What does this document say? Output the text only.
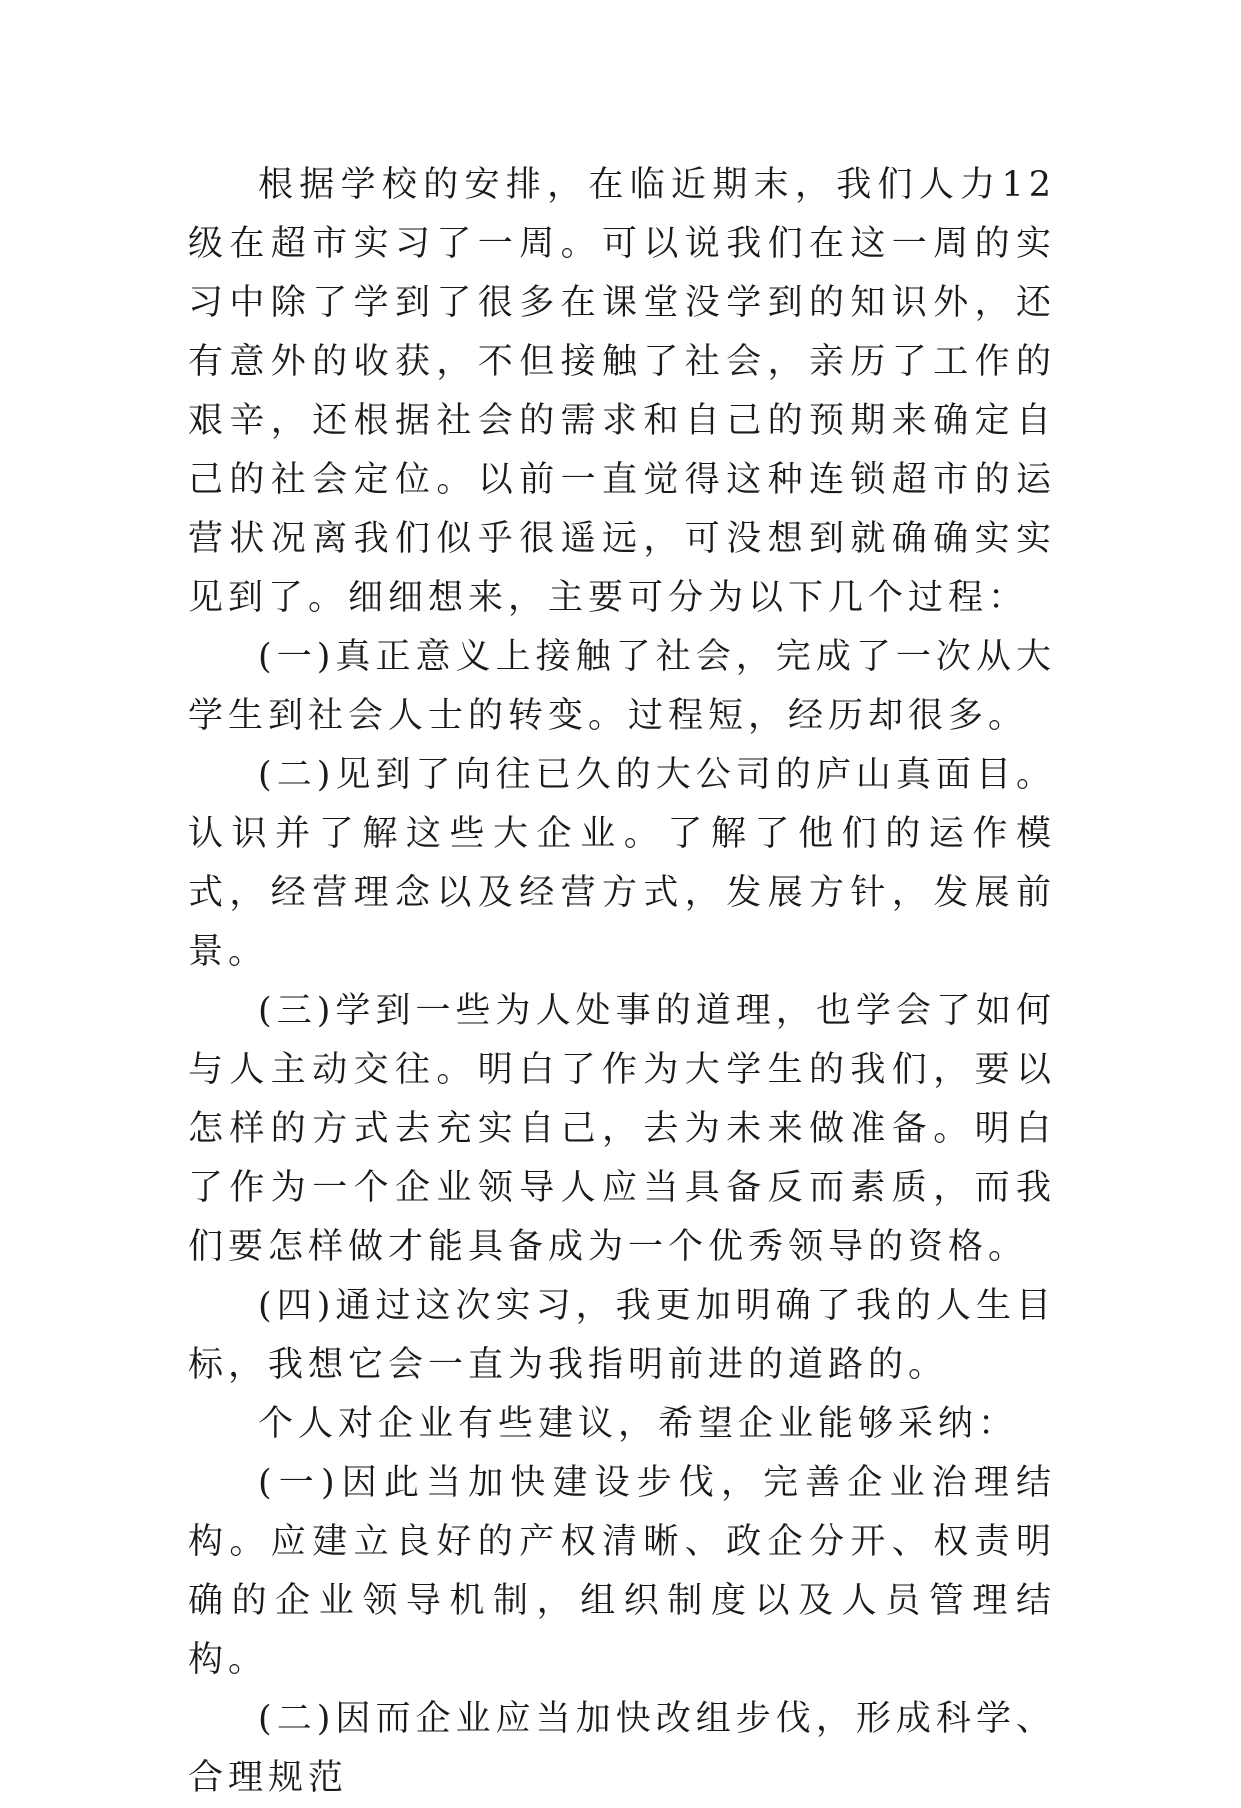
根据学校的安排，在临近期末，我们人力12级在超市实习了一周。可以说我们在这一周的实习中除了学到了很多在课堂没学到的知识外，还有意外的收获，不但接触了社会，亲历了工作的艰辛，还根据社会的需求和自己的预期来确定自己的社会定位。以前一直觉得这种连锁超市的运营状况离我们似乎很遥远，可没想到就确确实实见到了。细细想来，主要可分为以下几个过程：

(一)真正意义上接触了社会，完成了一次从大学生到社会人士的转变。过程短，经历却很多。

(二)见到了向往已久的大公司的庐山真面目。认识并了解这些大企业。了解了他们的运作模式，经营理念以及经营方式，发展方针，发展前景。

(三)学到一些为人处事的道理，也学会了如何与人主动交往。明白了作为大学生的我们，要以怎样的方式去充实自己，去为未来做准备。明白了作为一个企业领导人应当具备反而素质，而我们要怎样做才能具备成为一个优秀领导的资格。

(四)通过这次实习，我更加明确了我的人生目标，我想它会一直为我指明前进的道路的。

个人对企业有些建议，希望企业能够采纳：

(一)因此当加快建设步伐，完善企业治理结构。应建立良好的产权清晰、政企分开、权责明确的企业领导机制，组织制度以及人员管理结构。

(二)因而企业应当加快改组步伐，形成科学、合理规范
